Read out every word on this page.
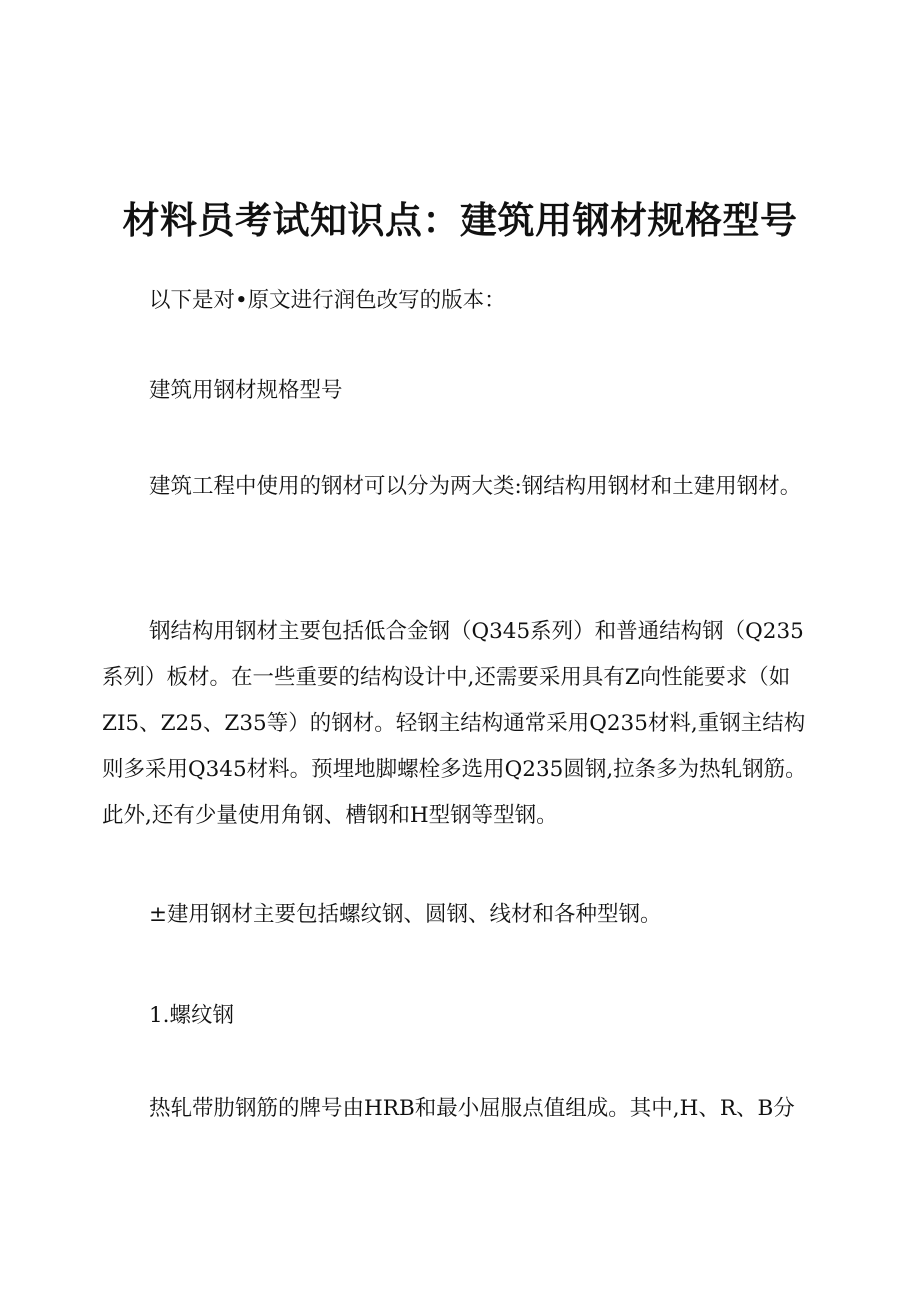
材料员考试知识点：建筑用钢材规格型号

以下是对•原文进行润色改写的版本：

建筑用钢材规格型号

建筑工程中使用的钢材可以分为两大类:钢结构用钢材和土建用钢材。

钢结构用钢材主要包括低合金钢（Q345系列）和普通结构钢（Q235系列）板材。在一些重要的结构设计中,还需要采用具有Z向性能要求（如ZI5、Z25、Z35等）的钢材。轻钢主结构通常采用Q235材料,重钢主结构则多采用Q345材料。预埋地脚螺栓多选用Q235圆钢,拉条多为热轧钢筋。此外,还有少量使用角钢、槽钢和H型钢等型钢。

±建用钢材主要包括螺纹钢、圆钢、线材和各种型钢。

1.螺纹钢

热轧带肋钢筋的牌号由HRB和最小屈服点值组成。其中,H、R、B分
